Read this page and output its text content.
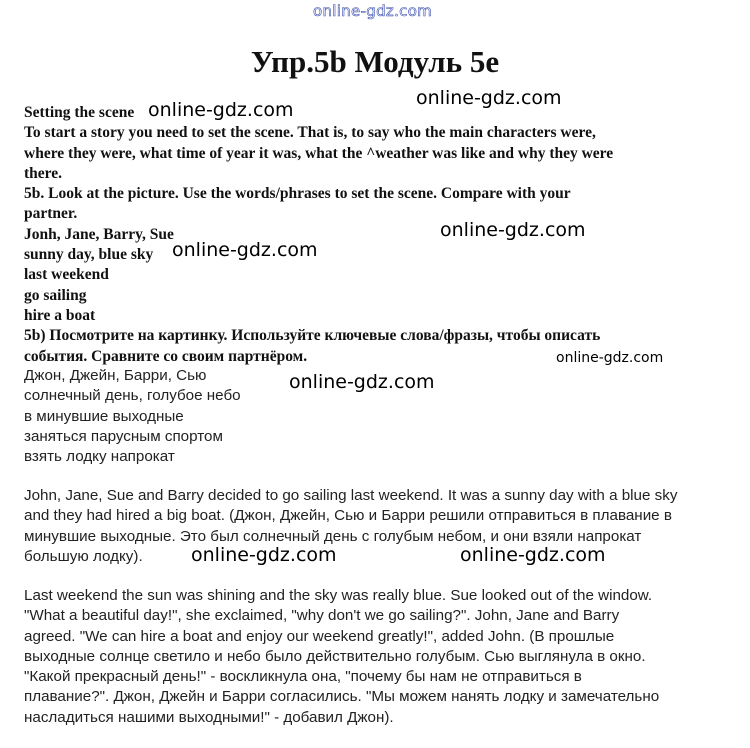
online-gdz.com
Упр.5b Модуль 5e
Setting the scene
To start a story you need to set the scene. That is, to say who the main characters were,
where they were, what time of year it was, what the ^weather was like and why they were
there.
5b. Look at the picture. Use the words/phrases to set the scene. Compare with your
partner.
Jonh, Jane, Barry, Sue
sunny day, blue sky
last weekend
go sailing
hire a boat
5b) Посмотрите на картинку. Используйте ключевые слова/фразы, чтобы описать
события. Сравните со своим партнёром.
Джон, Джейн, Барри, Сью
солнечный день, голубое небо
в минувшие выходные
заняться парусным спортом
взять лодку напрокат
John, Jane, Sue and Barry decided to go sailing last weekend. It was a sunny day with a blue sky
and they had hired a big boat. (Джон, Джейн, Сью и Барри решили отправиться в плавание в
минувшие выходные. Это был солнечный день с голубым небом, и они взяли напрокат
большую лодку).
Last weekend the sun was shining and the sky was really blue. Sue looked out of the window.
"What a beautiful day!", she exclaimed, "why don't we go sailing?". John, Jane and Barry
agreed. "We can hire a boat and enjoy our weekend greatly!", added John. (В прошлые
выходные солнце светило и небо было действительно голубым. Сью выглянула в окно.
"Какой прекрасный день!" - воскликнула она, "почему бы нам не отправиться в
плавание?". Джон, Джейн и Барри согласились. "Мы можем нанять лодку и замечательно
насладиться нашими выходными!" - добавил Джон).
online-gdz.com
online-gdz.com
online-gdz.com
online-gdz.com
online-gdz.com
online-gdz.com
online-gdz.com	online-gdz.com
